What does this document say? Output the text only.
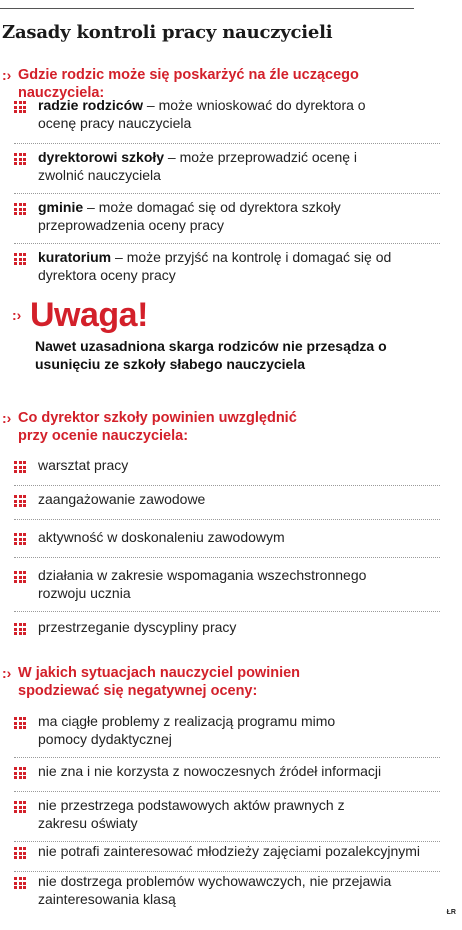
Zasady kontroli pracy nauczycieli
:› Gdzie rodzic może się poskarżyć na źle uczącego nauczyciela:
radzie rodziców – może wnioskować do dyrektora o ocenę pracy nauczyciela
dyrektorowi szkoły – może przeprowadzić ocenę i zwolnić nauczyciela
gminie – może domagać się od dyrektora szkoły przeprowadzenia oceny pracy
kuratorium – może przyjść na kontrolę i domagać się od dyrektora oceny pracy
:› Uwaga!
Nawet uzasadniona skarga rodziców nie przesądza o usunięciu ze szkoły słabego nauczyciela
:› Co dyrektor szkoły powinien uwzględnić przy ocenie nauczyciela:
warsztat pracy
zaangażowanie zawodowe
aktywność w doskonaleniu zawodowym
działania w zakresie wspomagania wszechstronnego rozwoju ucznia
przestrzeganie dyscypliny pracy
:› W jakich sytuacjach nauczyciel powinien spodziewać się negatywnej oceny:
ma ciągłe problemy z realizacją programu mimo pomocy dydaktycznej
nie zna i nie korzysta z nowoczesnych źródeł informacji
nie przestrzega podstawowych aktów prawnych z zakresu oświaty
nie potrafi zainteresować młodzieży zajęciami pozalekcyjnymi
nie dostrzega problemów wychowawczych, nie przejawia zainteresowania klasą
ŁR
